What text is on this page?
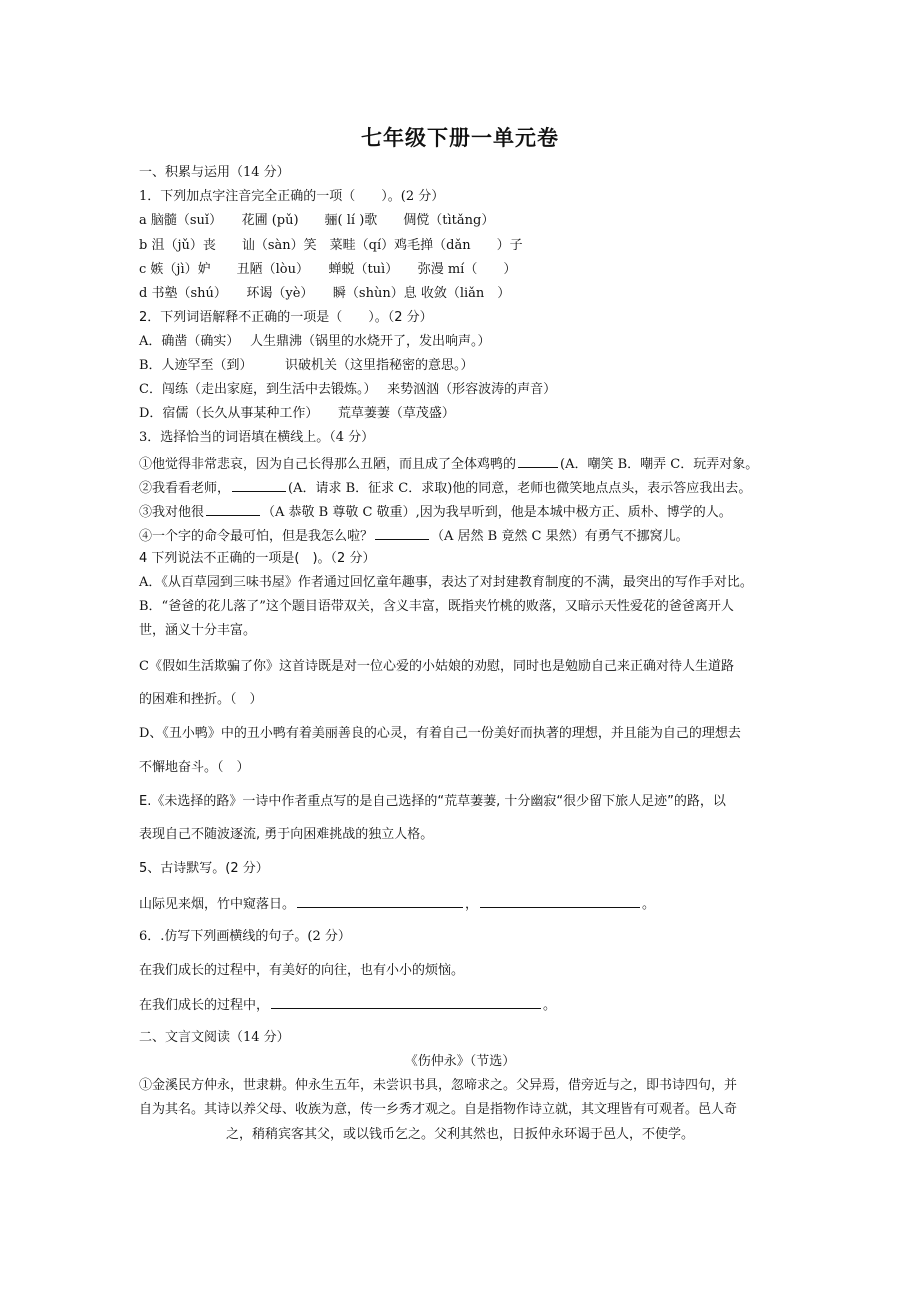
七年级下册一单元卷
一、积累与运用（14 分）
1．下列加点字注音完全正确的一项（　　）。(2 分）
a 脑髓（suǐ）　　花圃 (pǔ)　　骊( lí )歌　　倜傥（tìtǎng）
b 沮（jǔ）丧　　讪（sàn）笑　菜畦（qí）鸡毛掸（dǎn　　）子
c 嫉（jì）妒　　丑陋（lòu）　　蝉蜕（tuì）　　弥漫 mí（　　）
d 书塾（shú）　　环谒（yè）　　瞬（shùn）息 收敛（liǎn　）
2．下列词语解释不正确的一项是（　　）。（2 分）
A．确凿（确实）　 人生鼎沸（锅里的水烧开了，发出响声。）
B．人迹罕至（到）　　　识破机关（这里指秘密的意思。）
C．闯练（走出家庭，到生活中去锻炼。）　 来势汹汹（形容波涛的声音）
D．宿儒（长久从事某种工作）　　荒草萋萋（草茂盛）
3．选择恰当的词语填在横线上。（4 分）
①他觉得非常悲哀，因为自己长得那么丑陋，而且成了全体鸡鸭的	(A．嘲笑 B．嘲弄 C．玩弄对象。
②我看看老师，	(A．请求 B．征求 C．求取)他的同意，老师也微笑地点点头，表示答应我出去。
③我对他很	（A 恭敬 B 尊敬 C 敬重）,因为我早听到，他是本城中极方正、质朴、博学的人。
④一个字的命令最可怕，但是我怎么啦？	（A 居然 B 竟然 C 果然）有勇气不挪窝儿。
4 下列说法不正确的一项是(　)。（2 分）
A．《从百草园到三味书屋》作者通过回忆童年趣事，表达了对封建教育制度的不满，最突出的写作手对比。
B．“爸爸的花儿落了”这个题目语带双关，含义丰富，既指夹竹桃的败落，又暗示天性爱花的爸爸离开人
世，涵义十分丰富。
C《假如生活欺骗了你》这首诗既是对一位心爱的小姑娘的劝慰，同时也是勉励自己来正确对待人生道路
的困难和挫折。（　）
D、《丑小鸭》中的丑小鸭有着美丽善良的心灵，有着自己一份美好而执著的理想，并且能为自己的理想去
不懈地奋斗。（　）
E.《未选择的路》一诗中作者重点写的是自己选择的“荒草萋萋, 十分幽寂“很少留下旅人足迹”的路，以
表现自己不随波逐流, 勇于向困难挑战的独立人格。
5、古诗默写。(2 分）
山际见来烟，竹中窥落日。	，	。
6．.仿写下列画横线的句子。(2 分）
在我们成长的过程中，有美好的向往，也有小小的烦恼。
在我们成长的过程中，	。
二、文言文阅读（14 分）
《伤仲永》（节选）
①金溪民方仲永，世隶耕。仲永生五年，未尝识书具，忽啼求之。父异焉，借旁近与之，即书诗四句，并
自为其名。其诗以养父母、收族为意，传一乡秀才观之。自是指物作诗立就，其文理皆有可观者。邑人奇
之，稍稍宾客其父，或以钱币乞之。父利其然也，日扳仲永环谒于邑人，不使学。
